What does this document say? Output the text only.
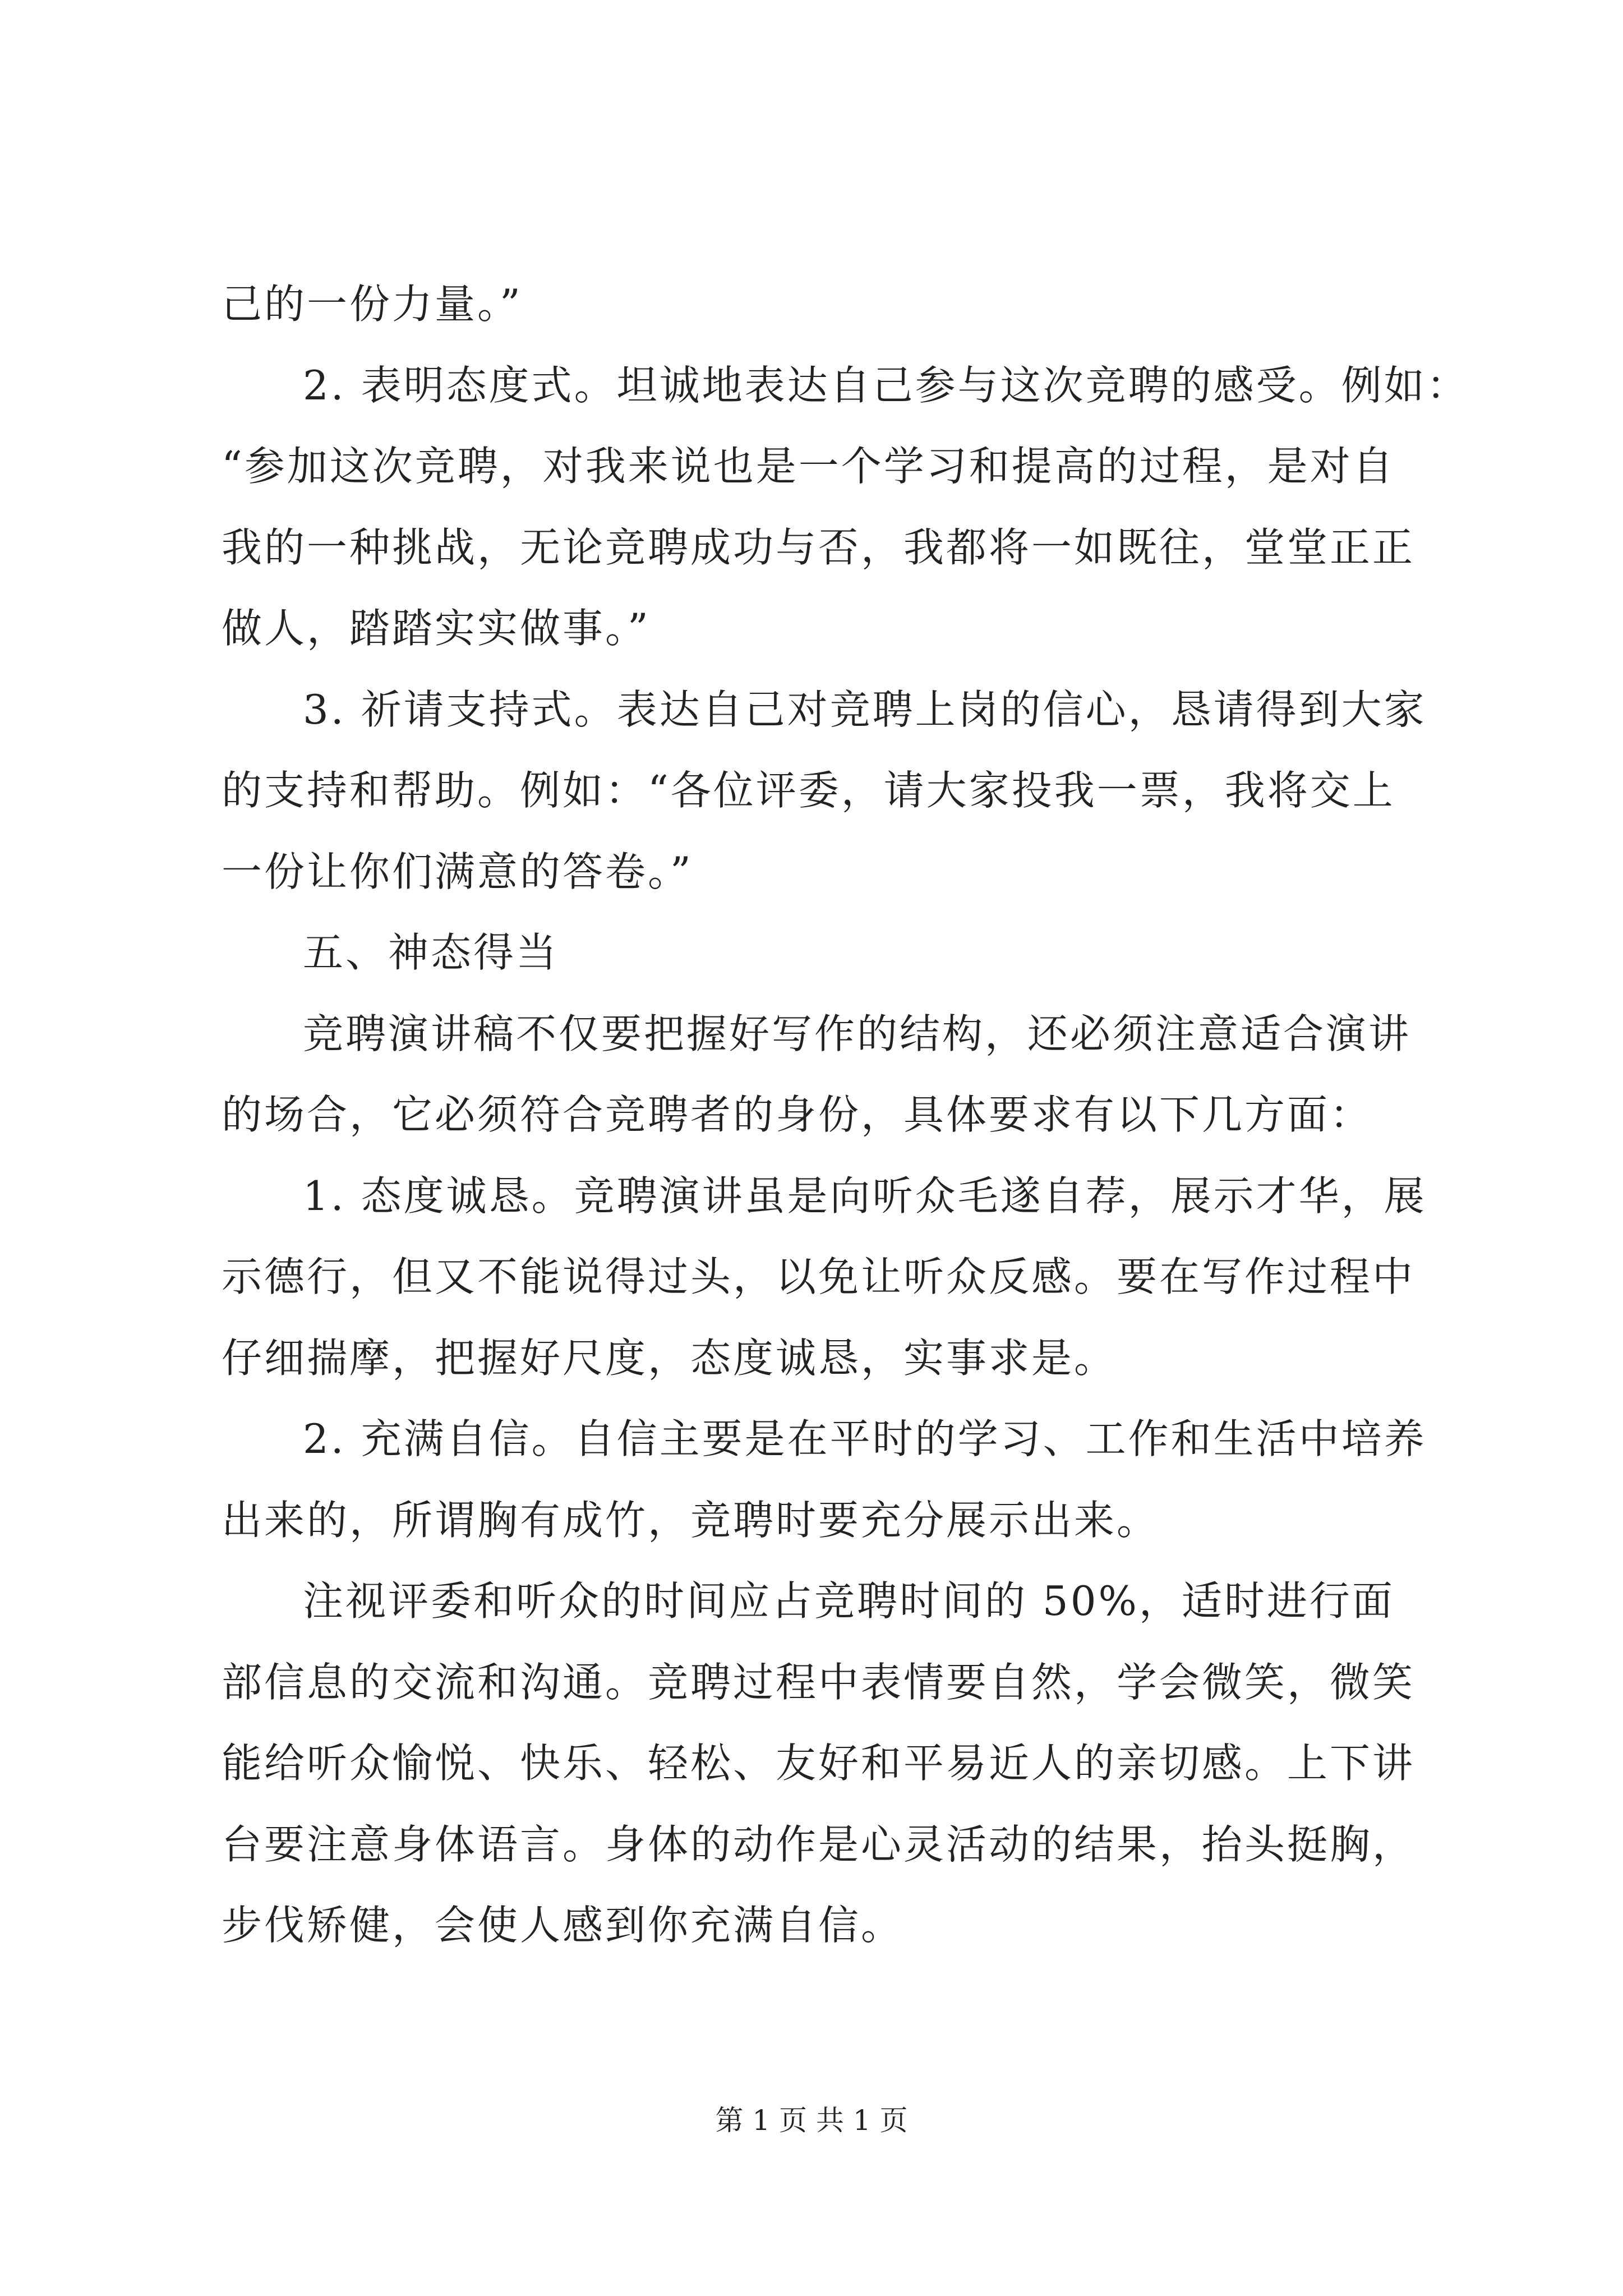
己的一份力量。”
2. 表明态度式。坦诚地表达自己参与这次竞聘的感受。例如：
“参加这次竞聘，对我来说也是一个学习和提高的过程，是对自
我的一种挑战，无论竞聘成功与否，我都将一如既往，堂堂正正
做人，踏踏实实做事。”
3. 祈请支持式。表达自己对竞聘上岗的信心，恳请得到大家
的支持和帮助。例如：“各位评委，请大家投我一票，我将交上
一份让你们满意的答卷。”
五、神态得当
竞聘演讲稿不仅要把握好写作的结构，还必须注意适合演讲
的场合，它必须符合竞聘者的身份，具体要求有以下几方面：
1. 态度诚恳。竞聘演讲虽是向听众毛遂自荐，展示才华，展
示德行，但又不能说得过头，以免让听众反感。要在写作过程中
仔细揣摩，把握好尺度，态度诚恳，实事求是。
2. 充满自信。自信主要是在平时的学习、工作和生活中培养
出来的，所谓胸有成竹，竞聘时要充分展示出来。
注视评委和听众的时间应占竞聘时间的 50%，适时进行面
部信息的交流和沟通。竞聘过程中表情要自然，学会微笑，微笑
能给听众愉悦、快乐、轻松、友好和平易近人的亲切感。上下讲
台要注意身体语言。身体的动作是心灵活动的结果，抬头挺胸，
步伐矫健，会使人感到你充满自信。
第 1 页 共 1 页
